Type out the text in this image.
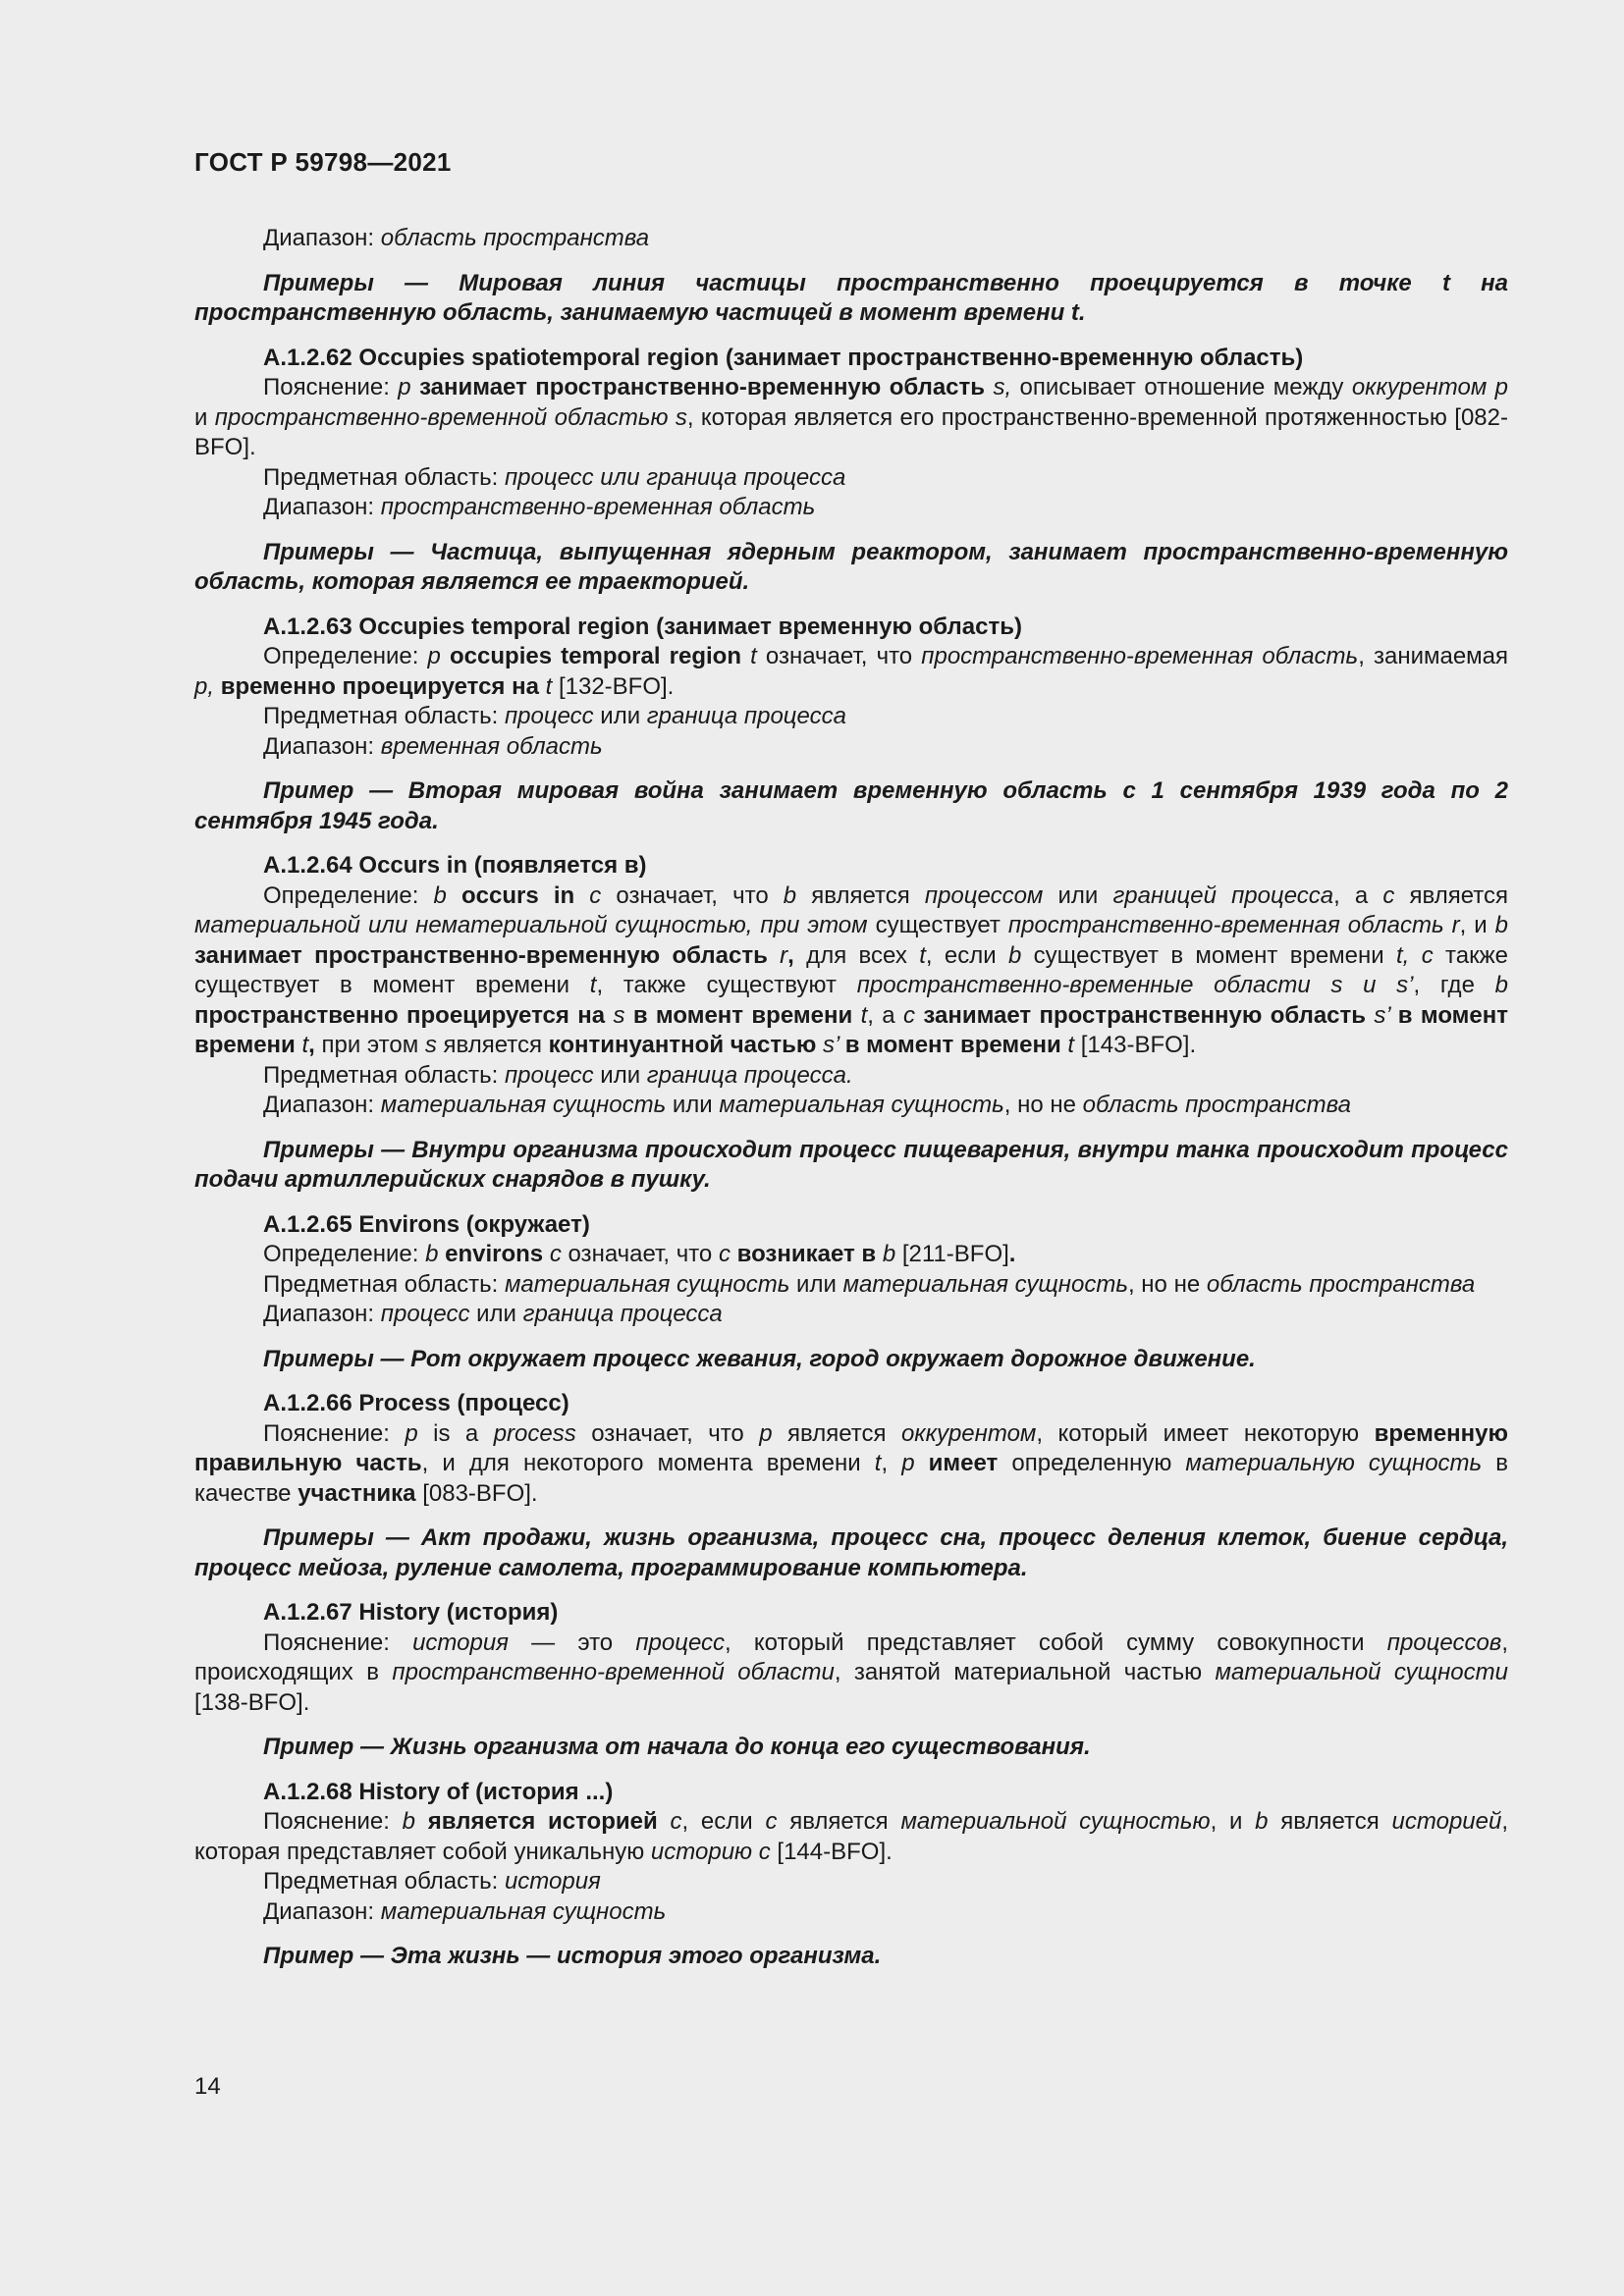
ГОСТ Р 59798—2021

Диапазон: область пространства

Примеры — Мировая линия частицы пространственно проецируется в точке t на пространственную область, занимаемую частицей в момент времени t.

A.1.2.62 Occupies spatiotemporal region (занимает пространственно-временную область)

Пояснение: p занимает пространственно-временную область s, описывает отношение между оккурентом p и пространственно-временной областью s, которая является его пространственно-временной протяженностью [082-BFO].

Предметная область: процесс или граница процесса

Диапазон: пространственно-временная область

Примеры — Частица, выпущенная ядерным реактором, занимает пространственно-временную область, которая является ее траекторией.

A.1.2.63 Occupies temporal region (занимает временную область)

Определение: p occupies temporal region t означает, что пространственно-временная область, занимаемая p, временно проецируется на t [132-BFO].

Предметная область: процесс или граница процесса

Диапазон: временная область

Пример — Вторая мировая война занимает временную область с 1 сентября 1939 года по 2 сентября 1945 года.

A.1.2.64 Occurs in (появляется в)

Определение: b occurs in c означает, что b является процессом или границей процесса, а c является материальной или нематериальной сущностью, при этом существует пространственно-временная область r, и b занимает пространственно-временную область r, для всех t, если b существует в момент времени t, c также существует в момент времени t, также существуют пространственно-временные области s и s’, где b пространственно проецируется на s в момент времени t, а c занимает пространственную область s’ в момент времени t, при этом s является континуантной частью s’ в момент времени t [143-BFO].

Предметная область: процесс или граница процесса.

Диапазон: материальная сущность или материальная сущность, но не область пространства

Примеры — Внутри организма происходит процесс пищеварения, внутри танка происходит процесс подачи артиллерийских снарядов в пушку.

A.1.2.65 Environs (окружает)

Определение: b environs c означает, что c возникает в b [211-BFO].

Предметная область: материальная сущность или материальная сущность, но не область пространства

Диапазон: процесс или граница процесса

Примеры — Рот окружает процесс жевания, город окружает дорожное движение.

A.1.2.66 Process (процесс)

Пояснение: p is a process означает, что p является оккурентом, который имеет некоторую временную правильную часть, и для некоторого момента времени t, p имеет определенную материальную сущность в качестве участника [083-BFO].

Примеры — Акт продажи, жизнь организма, процесс сна, процесс деления клеток, биение сердца, процесс мейоза, руление самолета, программирование компьютера.

A.1.2.67 History (история)

Пояснение: история — это процесс, который представляет собой сумму совокупности процессов, происходящих в пространственно-временной области, занятой материальной частью материальной сущности [138-BFO].

Пример — Жизнь организма от начала до конца его существования.

A.1.2.68 History of (история ...)

Пояснение: b является историей c, если c является материальной сущностью, и b является историей, которая представляет собой уникальную историю c [144-BFO].

Предметная область: история

Диапазон: материальная сущность

Пример — Эта жизнь — история этого организма.

14
